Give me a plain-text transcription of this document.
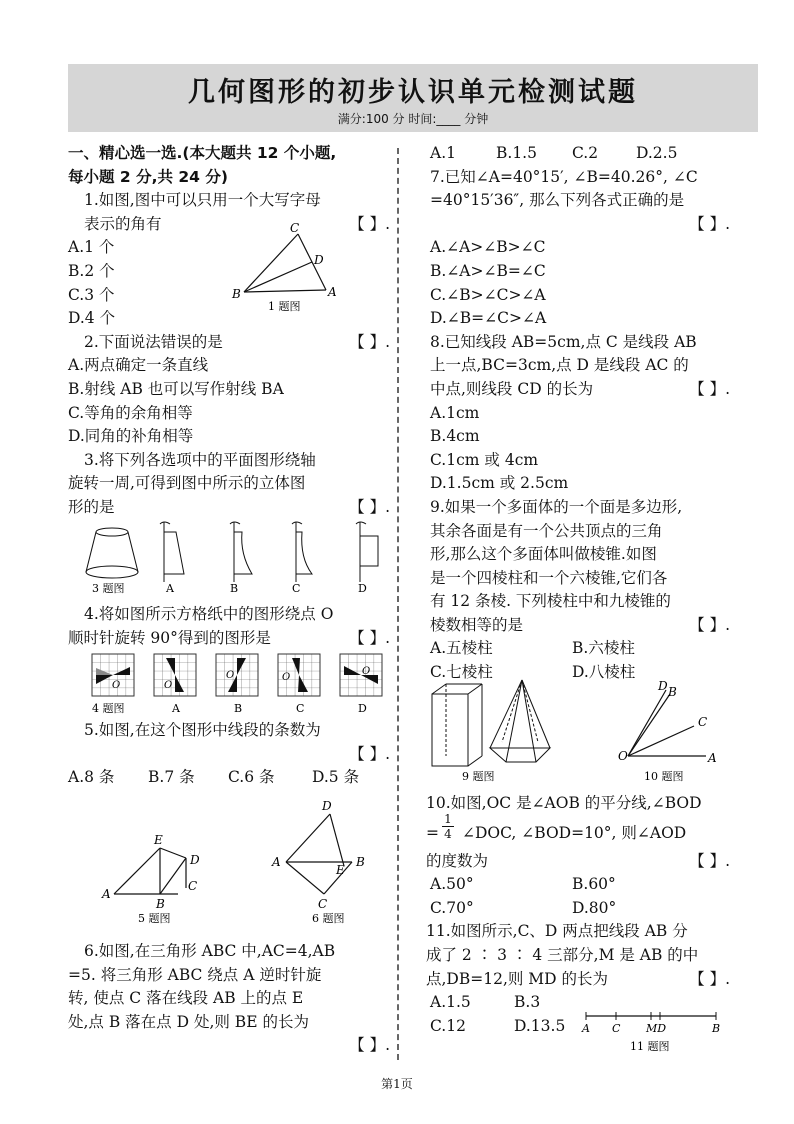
几何图形的初步认识单元检测试题
满分:100 分 时间:____ 分钟
一、精心选一选.(本大题共 12 个小题,
每小题 2 分,共 24 分)
1.如图,图中可以只用一个大写字母
表示的角有	【 】.
A.1 个
B.2 个
C.3 个
D.4 个
2.下面说法错误的是	【 】.
A.两点确定一条直线
B.射线 AB 也可以写作射线 BA
C.等角的余角相等
D.同角的补角相等
3.将下列各选项中的平面图形绕轴
旋转一周,可得到图中所示的立体图
形的是	【 】.
C
D
B	A
1 题图
3 题图	A	B	C	D
4.将如图所示方格纸中的图形绕点 O
顺时针旋转 90°得到的图形是	【 】.
O	O
O	O
O
4 题图	A	B	C	D
5.如图,在这个图形中线段的条数为
【 】.
A.8 条 B.7 条 C.6 条 D.5 条
E
D
C
A
B
5 题图
D
A
E
B
C
6 题图
6.如图,在三角形 ABC 中,AC=4,AB
=5. 将三角形 ABC 绕点 A 逆时针旋
转, 使点 C 落在线段 AB 上的点 E
处,点 B 落在点 D 处,则 BE 的长为
【 】.
A.1	B.1.5 C.2 D.2.5
7.已知∠A=40°15′, ∠B=40.26°, ∠C
=40°15′36″, 那么下列各式正确的是
【 】.
A.∠A>∠B>∠C
B.∠A>∠B=∠C
C.∠B>∠C>∠A
D.∠B=∠C>∠A
8.已知线段 AB=5cm,点 C 是线段 AB
上一点,BC=3cm,点 D 是线段 AC 的
中点,则线段 CD 的长为	【 】.
A.1cm
B.4cm
C.1cm 或 4cm
D.1.5cm 或 2.5cm
9.如果一个多面体的一个面是多边形,
其余各面是有一个公共顶点的三角
形,那么这个多面体叫做棱锥.如图
是一个四棱柱和一个六棱锥,它们各
有 12 条棱. 下列棱柱中和九棱锥的
棱数相等的是	【 】.
A.五棱柱	B.六棱柱
C.七棱柱	D.八棱柱
9 题图
D B
C
O	A
10 题图
10.如图,OC 是∠AOB 的平分线,∠BOD
= $\frac{1}{4}$ ∠DOC, ∠BOD=10°, 则∠AOD
的度数为	【 】.
A.50°	B.60°
C.70°	D.80°
11.如图所示,C、D 两点把线段 AB 分
成了 2 ∶ 3 ∶ 4 三部分,M 是 AB 的中
点,DB=12,则 MD 的长为	【 】.
A.1.5	B.3
C.12	D.13.5	A C MD	B
11 题图
第1页
